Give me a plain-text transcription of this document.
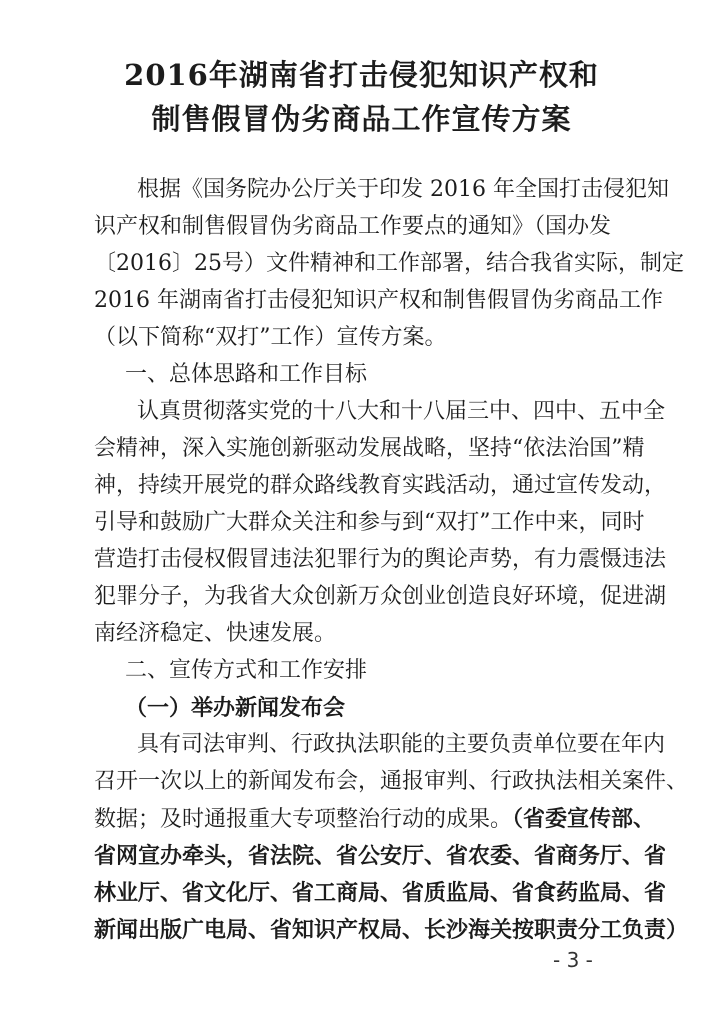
2016年湖南省打击侵犯知识产权和
制售假冒伪劣商品工作宣传方案

根据《国务院办公厅关于印发 2016 年全国打击侵犯知

识产权和制售假冒伪劣商品工作要点的通知》（国办发

〔2016〕25号）文件精神和工作部署，结合我省实际，制定

2016 年湖南省打击侵犯知识产权和制售假冒伪劣商品工作

（以下简称“双打”工作）宣传方案。

一、总体思路和工作目标

认真贯彻落实党的十八大和十八届三中、四中、五中全

会精神，深入实施创新驱动发展战略，坚持“依法治国”精

神，持续开展党的群众路线教育实践活动，通过宣传发动，

引导和鼓励广大群众关注和参与到“双打”工作中来，同时

营造打击侵权假冒违法犯罪行为的舆论声势，有力震慑违法

犯罪分子，为我省大众创新万众创业创造良好环境，促进湖

南经济稳定、快速发展。

二、宣传方式和工作安排

（一）举办新闻发布会

具有司法审判、行政执法职能的主要负责单位要在年内

召开一次以上的新闻发布会，通报审判、行政执法相关案件、

数据；及时通报重大专项整治行动的成果。（省委宣传部、

省网宣办牵头，省法院、省公安厅、省农委、省商务厅、省

林业厅、省文化厅、省工商局、省质监局、省食药监局、省

新闻出版广电局、省知识产权局、长沙海关按职责分工负责）

- 3 -
